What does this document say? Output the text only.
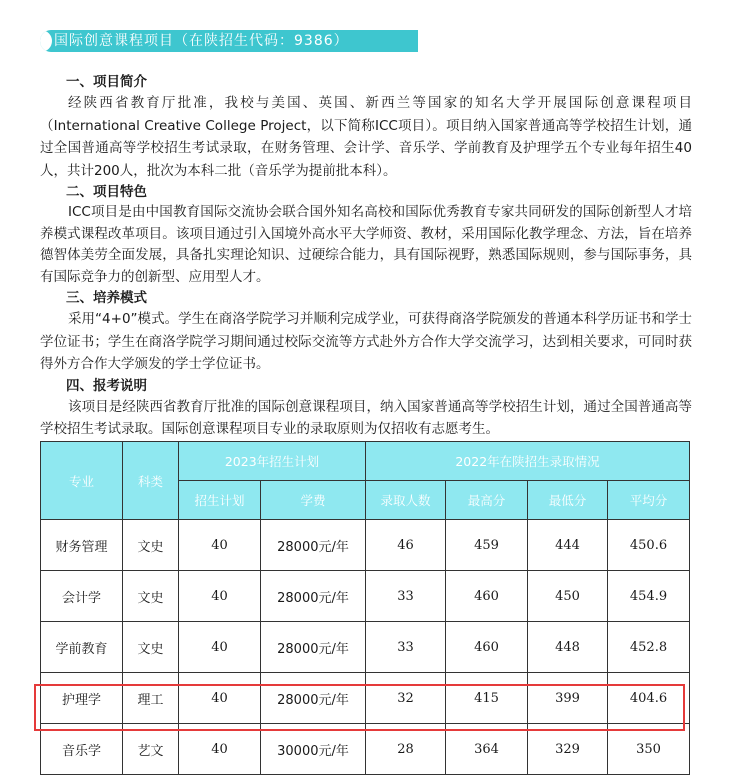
国际创意课程项目（在陕招生代码：9386）
一、项目简介

经陕西省教育厅批准，我校与美国、英国、新西兰等国家的知名大学开展国际创意课程项目（International Creative College Project，以下简称ICC项目）。项目纳入国家普通高等学校招生计划，通过全国普通高等学校招生考试录取，在财务管理、会计学、音乐学、学前教育及护理学五个专业每年招生40人，共计200人，批次为本科二批（音乐学为提前批本科）。

二、项目特色

ICC项目是由中国教育国际交流协会联合国外知名高校和国际优秀教育专家共同研发的国际创新型人才培养模式课程改革项目。该项目通过引入国境外高水平大学师资、教材，采用国际化教学理念、方法，旨在培养德智体美劳全面发展，具备扎实理论知识、过硬综合能力，具有国际视野，熟悉国际规则，参与国际事务，具有国际竞争力的创新型、应用型人才。

三、培养模式

采用“4+0”模式。学生在商洛学院学习并顺利完成学业，可获得商洛学院颁发的普通本科学历证书和学士学位证书；学生在商洛学院学习期间通过校际交流等方式赴外方合作大学交流学习，达到相关要求，可同时获得外方合作大学颁发的学士学位证书。

四、报考说明

该项目是经陕西省教育厅批准的国际创意课程项目，纳入国家普通高等学校招生计划，通过全国普通高等学校招生考试录取。国际创意课程项目专业的录取原则为仅招收有志愿考生。

专业	科类	2023年招生计划		2022年在陕招生录取情况			
		招生计划	学费	录取人数	最高分	最低分	平均分
财务管理	文史	40	28000元/年	46	459	444	450.6
会计学	文史	40	28000元/年	33	460	450	454.9
学前教育	文史	40	28000元/年	33	460	448	452.8
护理学	理工	40	28000元/年	32	415	399	404.6
音乐学	艺文	40	30000元/年	28	364	329	350
